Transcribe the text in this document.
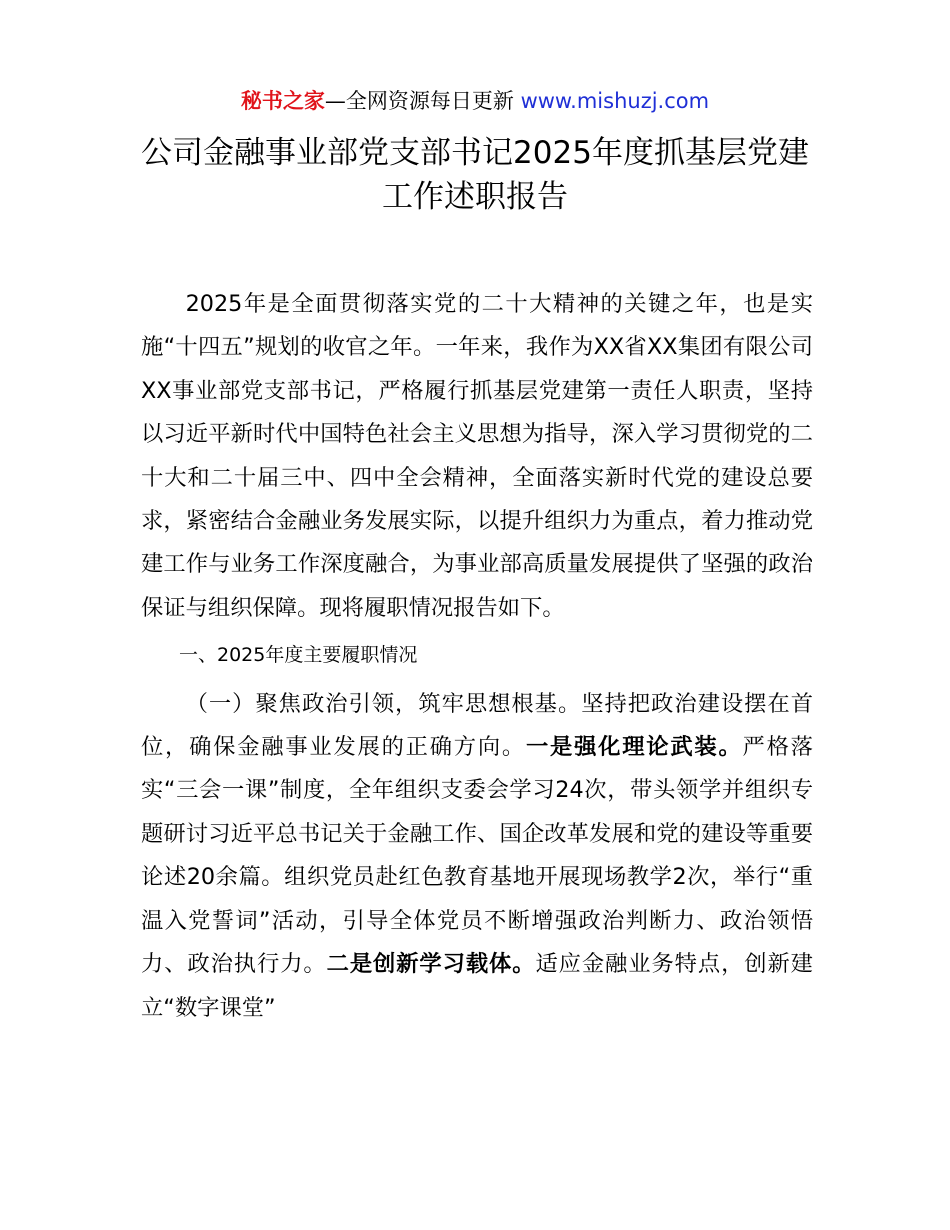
秘书之家—全网资源每日更新 www.mishuzj.com
公司金融事业部党支部书记2025年度抓基层党建工作述职报告

2025年是全面贯彻落实党的二十大精神的关键之年，也是实施“十四五”规划的收官之年。一年来，我作为XX省XX集团有限公司XX事业部党支部书记，严格履行抓基层党建第一责任人职责，坚持以习近平新时代中国特色社会主义思想为指导，深入学习贯彻党的二十大和二十届三中、四中全会精神，全面落实新时代党的建设总要求，紧密结合金融业务发展实际，以提升组织力为重点，着力推动党建工作与业务工作深度融合，为事业部高质量发展提供了坚强的政治保证与组织保障。现将履职情况报告如下。

一、2025年度主要履职情况

（一）聚焦政治引领，筑牢思想根基。坚持把政治建设摆在首位，确保金融事业发展的正确方向。一是强化理论武装。严格落实“三会一课”制度，全年组织支委会学习24次，带头领学并组织专题研讨习近平总书记关于金融工作、国企改革发展和党的建设等重要论述20余篇。组织党员赴红色教育基地开展现场教学2次，举行“重温入党誓词”活动，引导全体党员不断增强政治判断力、政治领悟力、政治执行力。二是创新学习载体。适应金融业务特点，创新建立“数字课堂”
